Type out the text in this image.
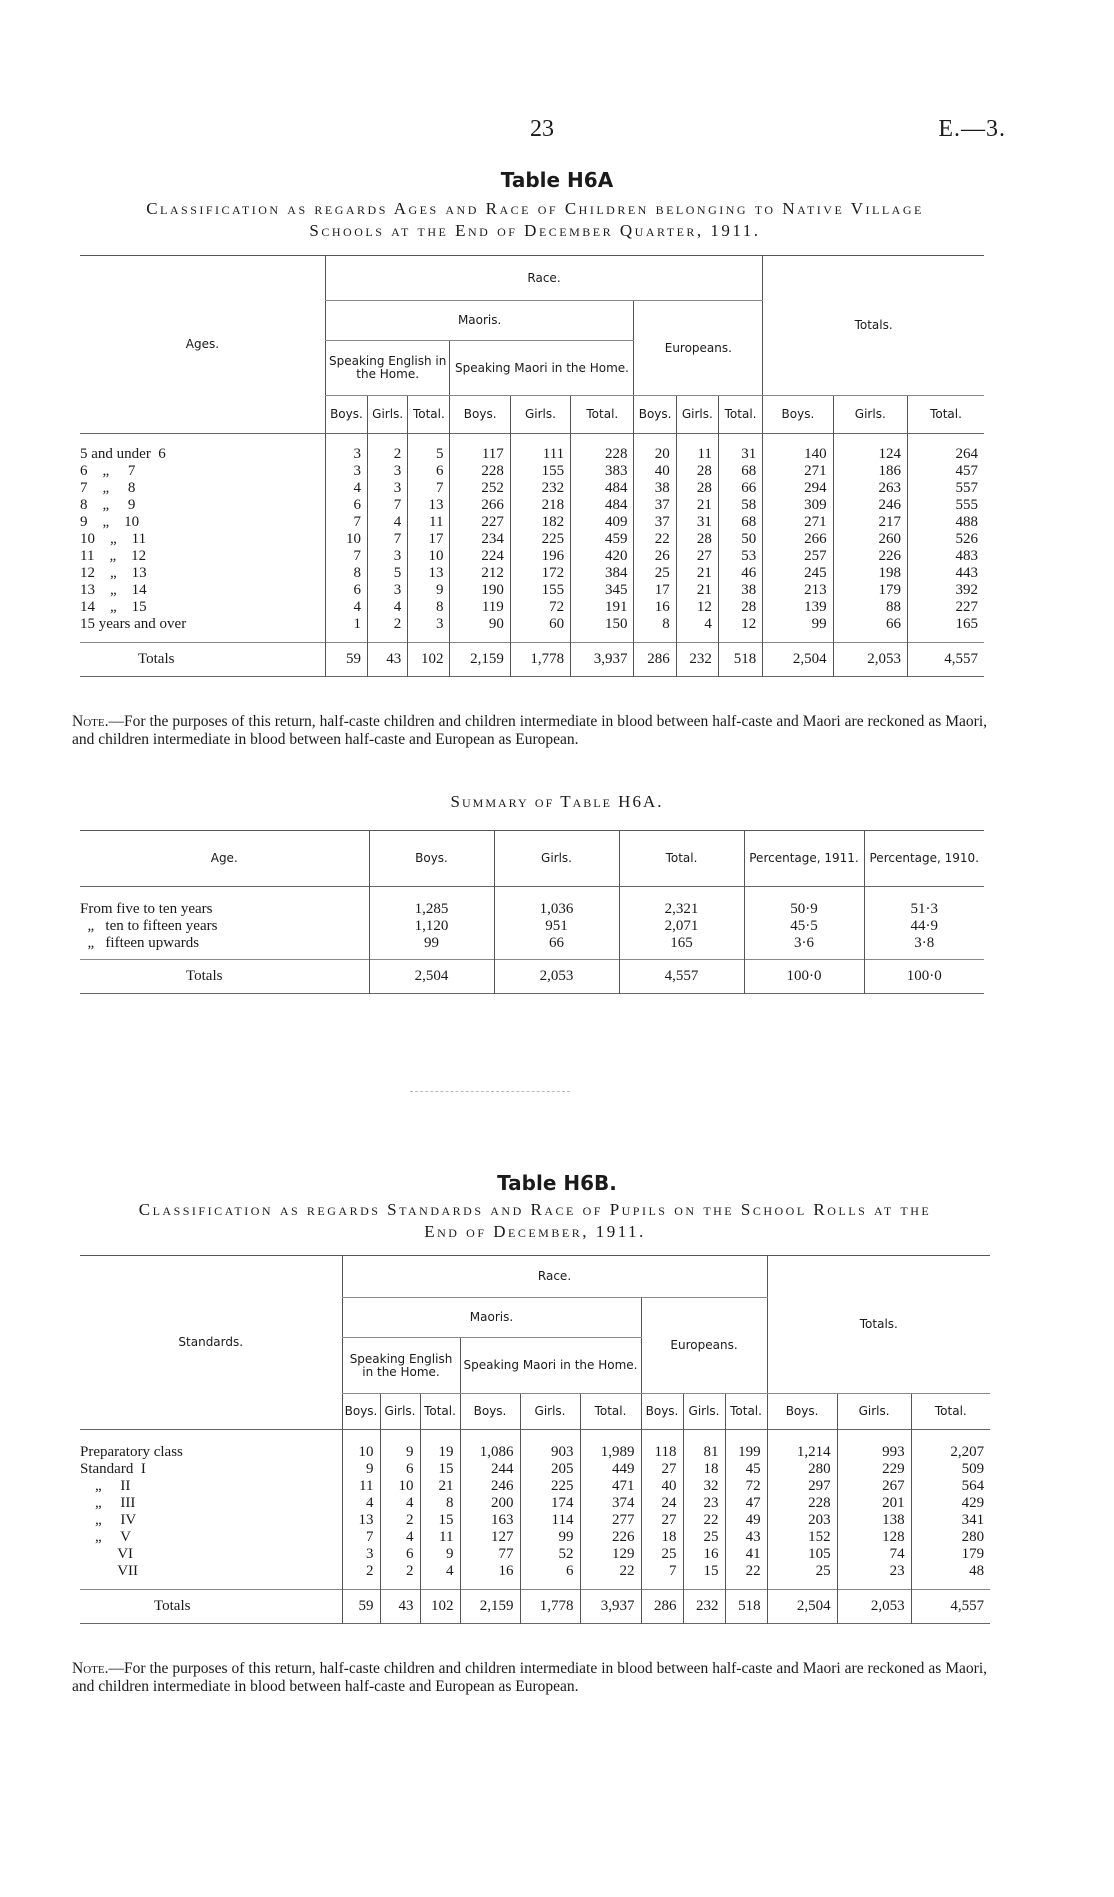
23	E.—3.
Table H6A
Classification as regards Ages and Race of Children belonging to Native Village
Schools at the End of December Quarter, 1911.
Ages.	Race.									Totals.		
	Maoris.						Europeans.					
	Speaking English in the Home.			Speaking Maori in the Home.								
	Boys.	Girls.	Total.	Boys.	Girls.	Total.	Boys.	Girls.	Total.	Boys.	Girls.	Total.

5 and under  6	3	2	5	117	111	228	20	11	31	140	124	264
6    „     7	3	3	6	228	155	383	40	28	68	271	186	457
7    „     8	4	3	7	252	232	484	38	28	66	294	263	557
8    „     9	6	7	13	266	218	484	37	21	58	309	246	555
9    „    10	7	4	11	227	182	409	37	31	68	271	217	488
10    „    11	10	7	17	234	225	459	22	28	50	266	260	526
11    „    12	7	3	10	224	196	420	26	27	53	257	226	483
12    „    13	8	5	13	212	172	384	25	21	46	245	198	443
13    „    14	6	3	9	190	155	345	17	21	38	213	179	392
14    „    15	4	4	8	119	72	191	16	12	28	139	88	227
15 years and over	1	2	3	90	60	150	8	4	12	99	66	165

Totals	59	43	102	2,159	1,778	3,937	286	232	518	2,504	2,053	4,557
Note.—For the purposes of this return, half-caste children and children intermediate in blood between half-caste and Maori are reckoned as Maori, and children intermediate in blood between half-caste and European as European.
Summary of Table H6A.
Age.	Boys.	Girls.	Total.	Percentage, 1911.	Percentage, 1910.

From five to ten years	1,285	1,036	2,321	50·9	51·3
„   ten to fifteen years	1,120	951	2,071	45·5	44·9
„   fifteen upwards	99	66	165	3·6	3·8

Totals	2,504	2,053	4,557	100·0	100·0
Table H6B.
Classification as regards Standards and Race of Pupils on the School Rolls at the
End of December, 1911.
Standards.	Race.									Totals.		
	Maoris.						Europeans.					
	Speaking English in the Home.			Speaking Maori in the Home.								
	Boys.	Girls.	Total.	Boys.	Girls.	Total.	Boys.	Girls.	Total.	Boys.	Girls.	Total.

Preparatory class	10	9	19	1,086	903	1,989	118	81	199	1,214	993	2,207
Standard  I	9	6	15	244	205	449	27	18	45	280	229	509
„     II	11	10	21	246	225	471	40	32	72	297	267	564
„     III	4	4	8	200	174	374	24	23	47	228	201	429
„     IV	13	2	15	163	114	277	27	22	49	203	138	341
„     V	7	4	11	127	99	226	18	25	43	152	128	280
VI	3	6	9	77	52	129	25	16	41	105	74	179
VII	2	2	4	16	6	22	7	15	22	25	23	48

Totals	59	43	102	2,159	1,778	3,937	286	232	518	2,504	2,053	4,557
Note.—For the purposes of this return, half-caste children and children intermediate in blood between half-caste and Maori are reckoned as Maori, and children intermediate in blood between half-caste and European as European.
